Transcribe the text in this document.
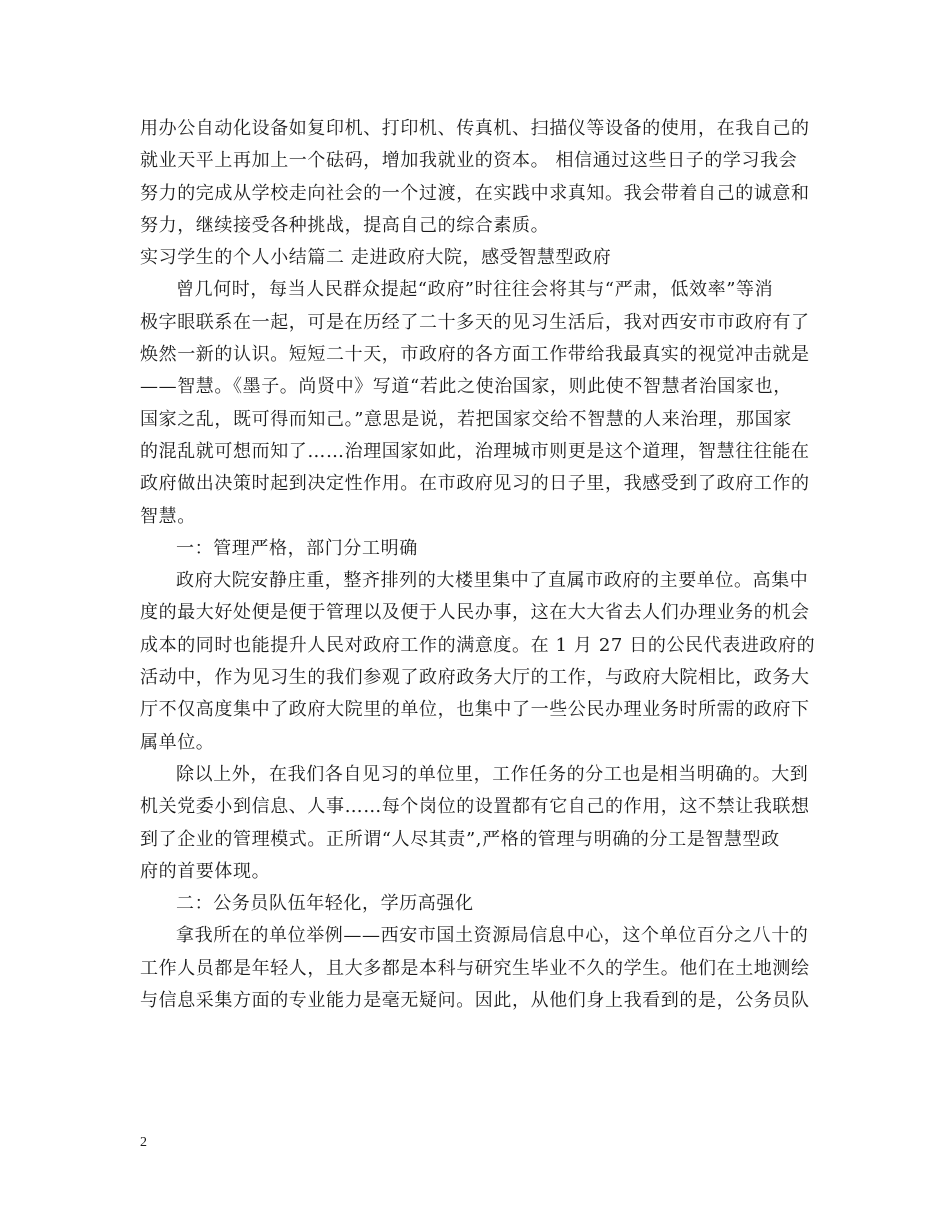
用办公自动化设备如复印机、打印机、传真机、扫描仪等设备的使用，在我自己的
就业天平上再加上一个砝码，增加我就业的资本。 相信通过这些日子的学习我会
努力的完成从学校走向社会的一个过渡，在实践中求真知。我会带着自己的诚意和
努力，继续接受各种挑战，提高自己的综合素质。
实习学生的个人小结篇二 走进政府大院，感受智慧型政府
曾几何时，每当人民群众提起“政府”时往往会将其与“严肃，低效率”等消
极字眼联系在一起，可是在历经了二十多天的见习生活后，我对西安市市政府有了
焕然一新的认识。短短二十天，市政府的各方面工作带给我最真实的视觉冲击就是
——智慧。《墨子。尚贤中》写道“若此之使治国家，则此使不智慧者治国家也，
国家之乱，既可得而知己。”意思是说，若把国家交给不智慧的人来治理，那国家
的混乱就可想而知了……治理国家如此，治理城市则更是这个道理，智慧往往能在
政府做出决策时起到决定性作用。在市政府见习的日子里，我感受到了政府工作的
智慧。
一：管理严格，部门分工明确
政府大院安静庄重，整齐排列的大楼里集中了直属市政府的主要单位。高集中
度的最大好处便是便于管理以及便于人民办事，这在大大省去人们办理业务的机会
成本的同时也能提升人民对政府工作的满意度。在 1 月 27 日的公民代表进政府的
活动中，作为见习生的我们参观了政府政务大厅的工作，与政府大院相比，政务大
厅不仅高度集中了政府大院里的单位，也集中了一些公民办理业务时所需的政府下
属单位。
除以上外，在我们各自见习的单位里，工作任务的分工也是相当明确的。大到
机关党委小到信息、人事……每个岗位的设置都有它自己的作用，这不禁让我联想
到了企业的管理模式。正所谓“人尽其责”,严格的管理与明确的分工是智慧型政
府的首要体现。
二：公务员队伍年轻化，学历高强化
拿我所在的单位举例——西安市国土资源局信息中心，这个单位百分之八十的
工作人员都是年轻人，且大多都是本科与研究生毕业不久的学生。他们在土地测绘
与信息采集方面的专业能力是毫无疑问。因此，从他们身上我看到的是，公务员队
2
